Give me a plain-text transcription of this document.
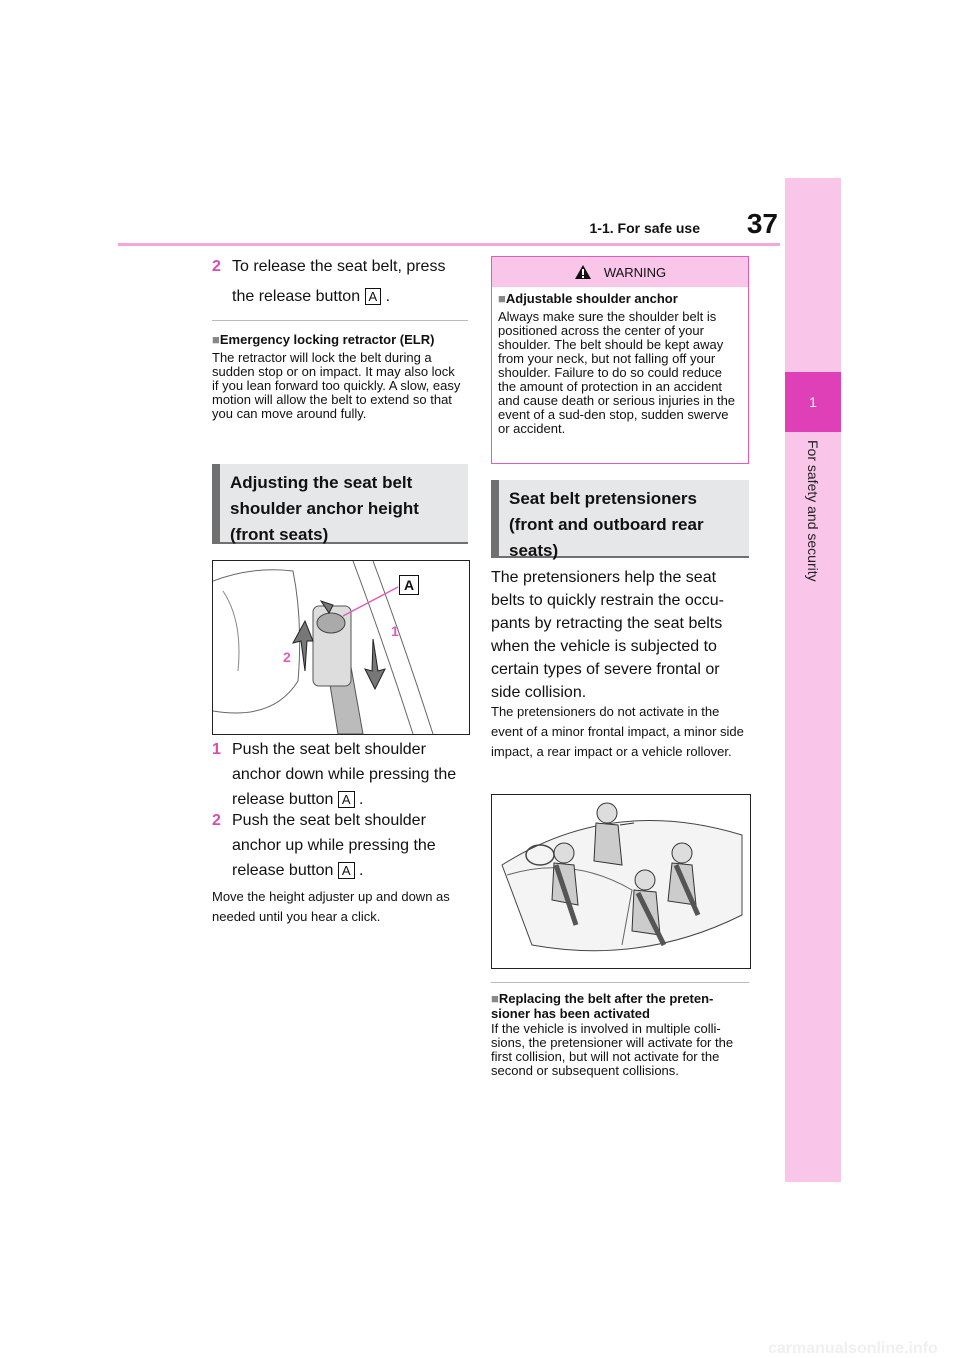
1-1. For safe use	37
1
For safety and security
2 To release the seat belt, press the release button A .
■Emergency locking retractor (ELR)
The retractor will lock the belt during a sudden stop or on impact. It may also lock if you lean forward too quickly. A slow, easy motion will allow the belt to extend so that you can move around fully.
Adjusting the seat belt shoulder anchor height (front seats)
A
1
2
1 Push the seat belt shoulder anchor down while pressing the release button A .
2 Push the seat belt shoulder anchor up while pressing the release button A .
Move the height adjuster up and down as needed until you hear a click.
WARNING
■Adjustable shoulder anchor
Always make sure the shoulder belt is positioned across the center of your shoulder. The belt should be kept away from your neck, but not falling off your shoulder. Failure to do so could reduce the amount of protection in an accident and cause death or serious injuries in the event of a sud-den stop, sudden swerve or accident.
Seat belt pretensioners (front and outboard rear seats)
The pretensioners help the seat belts to quickly restrain the occu-pants by retracting the seat belts when the vehicle is subjected to certain types of severe frontal or side collision.
The pretensioners do not activate in the event of a minor frontal impact, a minor side impact, a rear impact or a vehicle rollover.
■Replacing the belt after the preten-sioner has been activated
If the vehicle is involved in multiple colli-sions, the pretensioner will activate for the first collision, but will not activate for the second or subsequent collisions.
carmanualsonline.info
